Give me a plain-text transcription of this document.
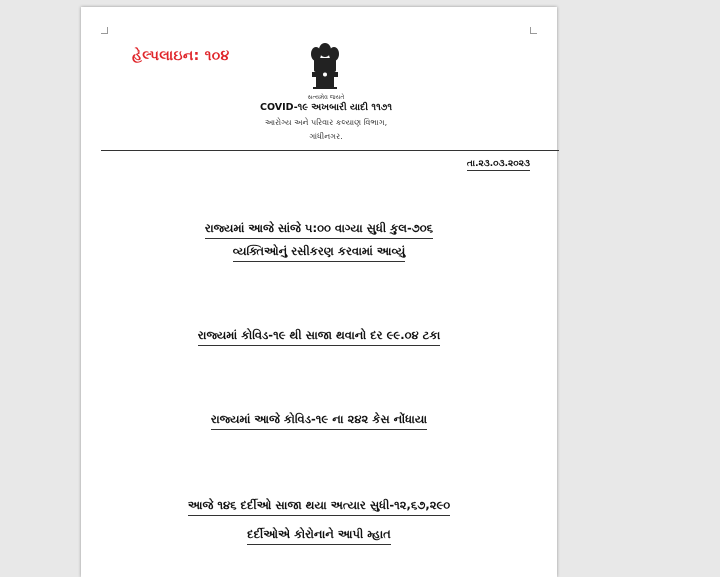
હેલ્પલાઇન: ૧૦૪
સત્યમેવ જયતે
COVID-૧૯ અખબારી યાદી ૧૧૭૧
આરોગ્ય અને પરિવાર કલ્યાણ વિભાગ,
ગાંધીનગર.
તા.૨૩.૦૩.૨૦૨૩
રાજ્યમાં આજે સાંજે ૫:૦૦ વાગ્યા સુધી કુલ-૭૦૬
વ્યક્તિઓનું રસીકરણ કરવામાં આવ્યું
રાજ્યમાં કોવિડ-૧૯ થી સાજા થવાનો દર ૯૯.૦૪ ટકા
રાજ્યમાં આજે કોવિડ-૧૯ ના ૨૪૨ કેસ નોંધાયા
આજે ૧૪૬ દર્દીઓ સાજા થયા અત્યાર સુધી-૧૨,૬૭,૨૯૦
દર્દીઓએ કોરોનાને આપી મ્હાત
